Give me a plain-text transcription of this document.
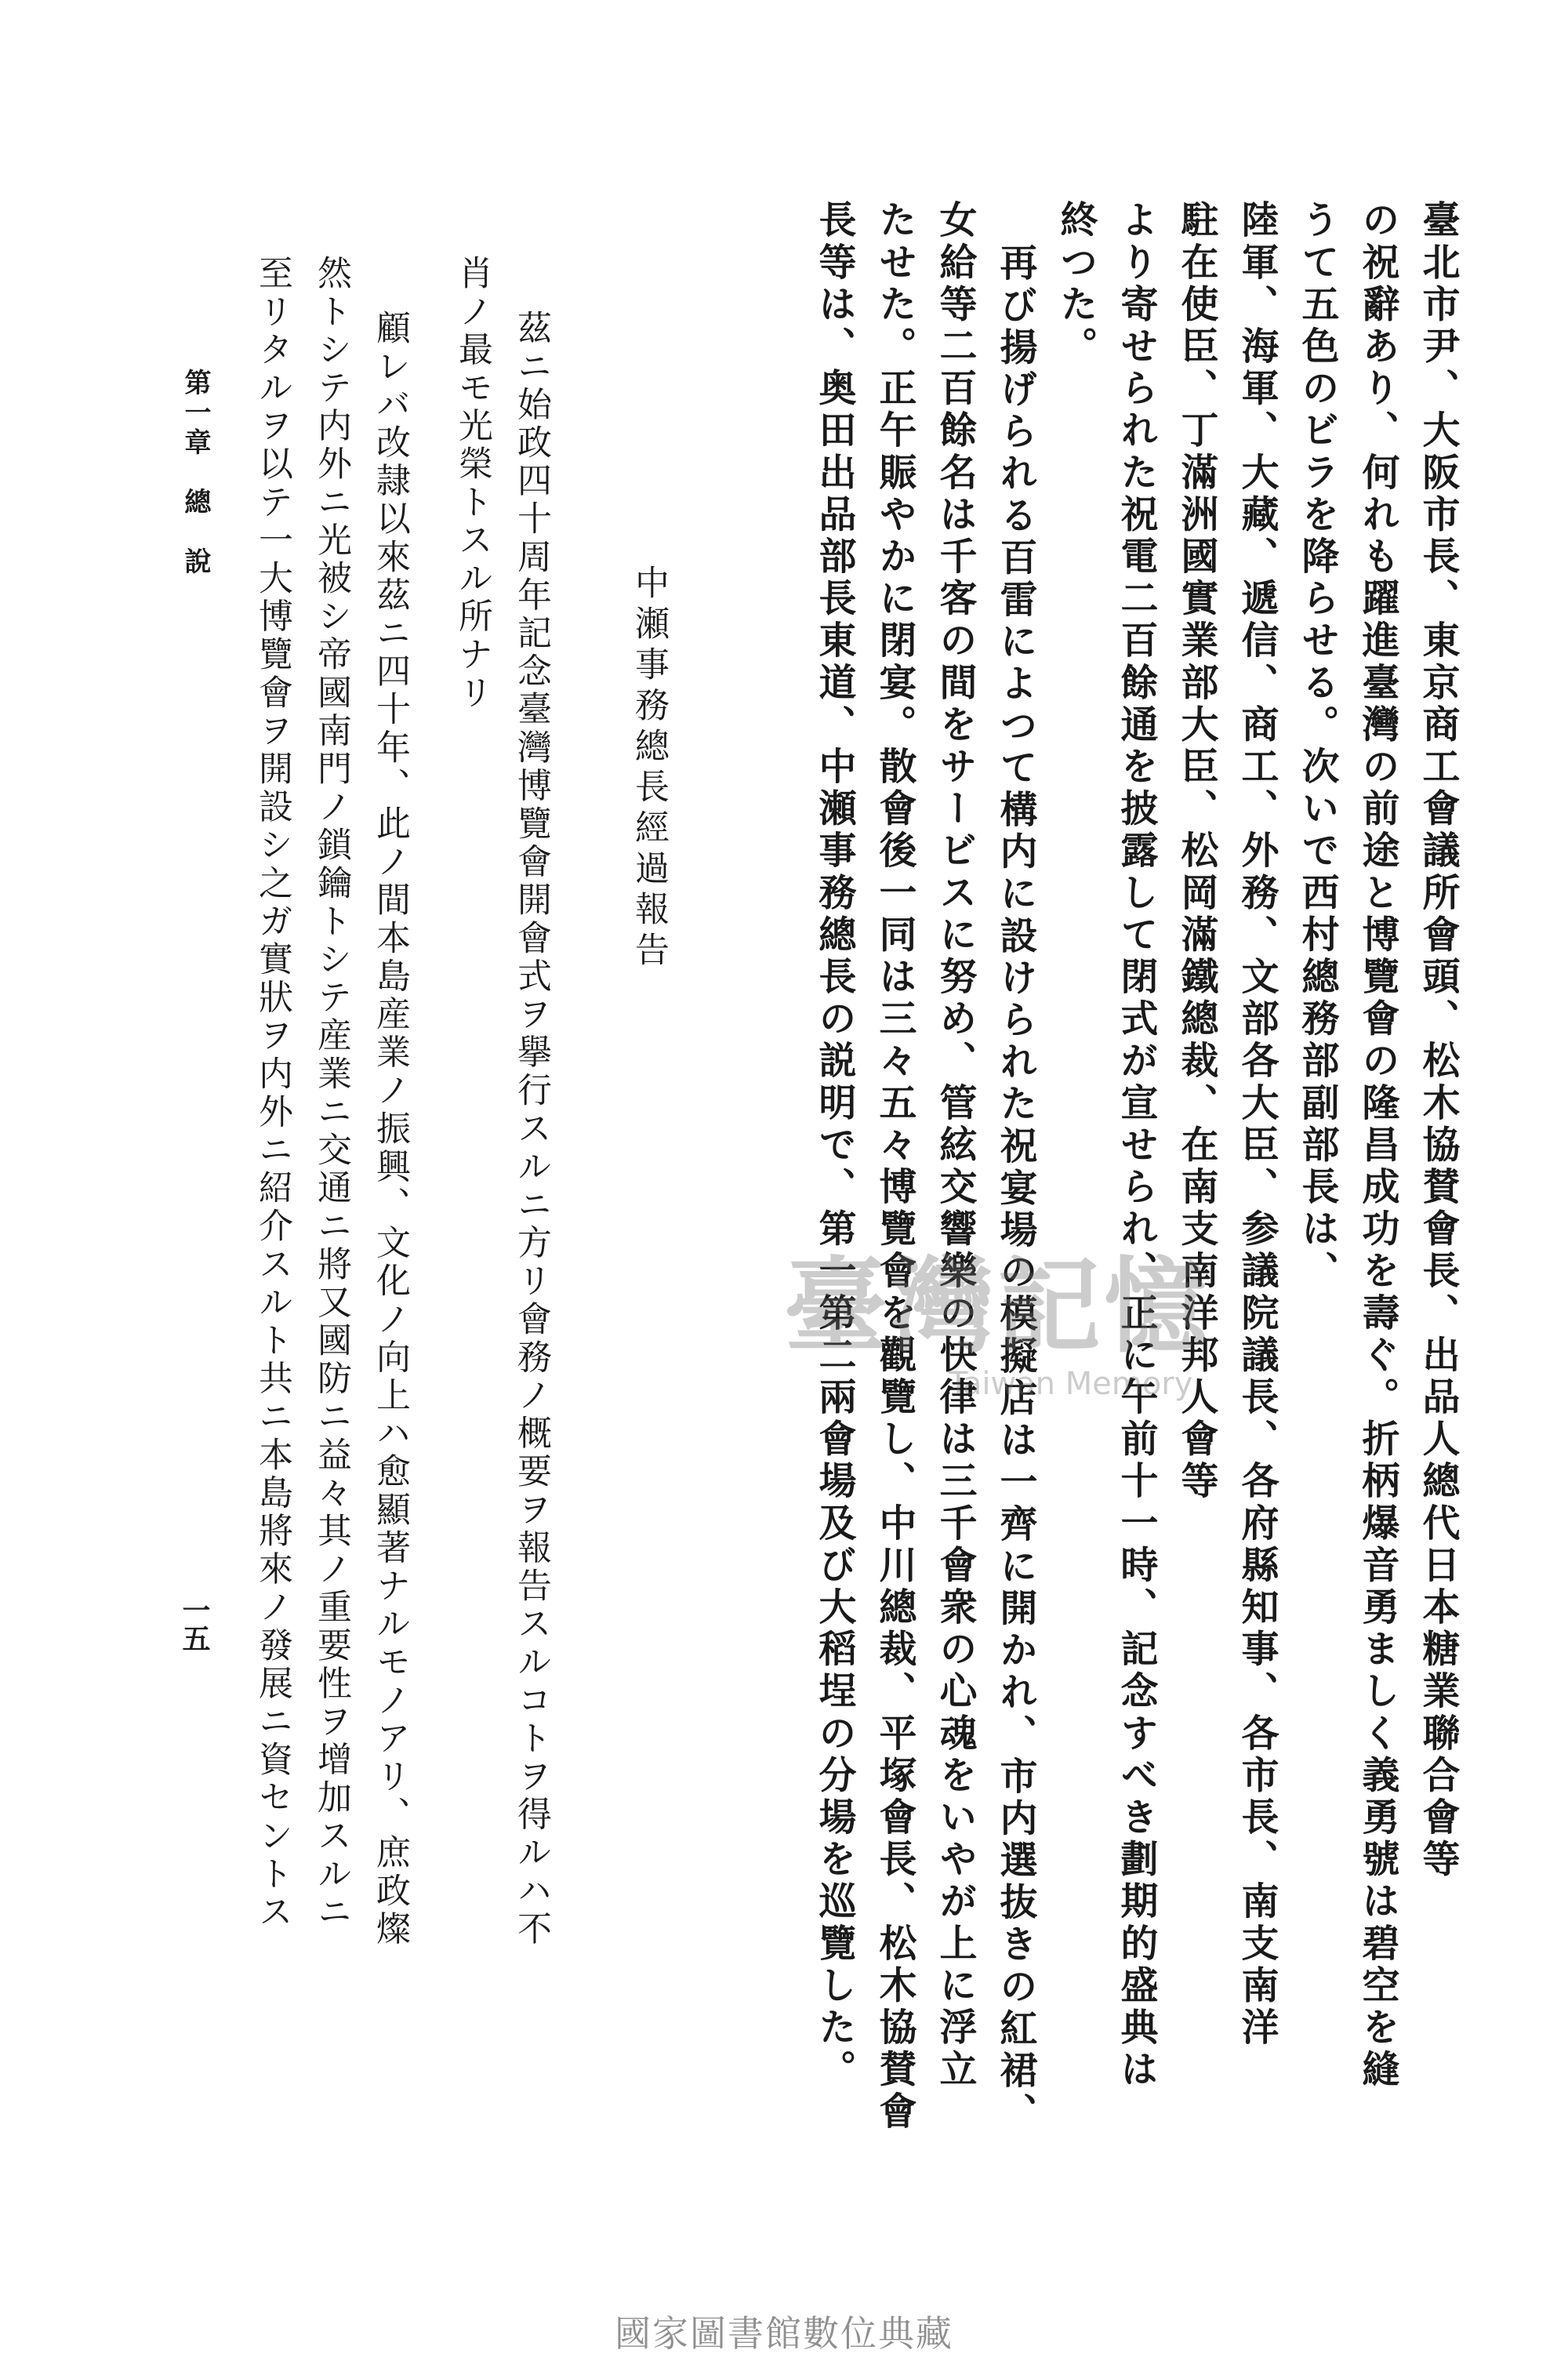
臺北市尹、大阪市長、東京商工會議所會頭、松木協賛會長、出品人總代日本糖業聯合會等
の祝辭あり、何れも躍進臺灣の前途と博覽會の隆昌成功を壽ぐ。折柄爆音勇ましく義勇號は碧空を縫
うて五色のビラを降らせる。次いで西村總務部副部長は、
陸軍、海軍、大藏、遞信、商工、外務、文部各大臣、参議院議長、各府縣知事、各市長、南支南洋
駐在使臣、丁滿洲國實業部大臣、松岡滿鐵總裁、在南支南洋邦人會等
より寄せられた祝電二百餘通を披露して閉式が宣せられ、正に午前十一時、記念すべき劃期的盛典は
終つた。
再び揚げられる百雷によつて構内に設けられた祝宴場の模擬店は一齊に開かれ、市内選抜きの紅裙、
女給等二百餘名は千客の間をサービスに努め、管絃交響樂の快律は三千會衆の心魂をいやが上に浮立
たせた。正午賑やかに閉宴。散會後一同は三々五々博覽會を觀覽し、中川總裁、平塚會長、松木協賛會
長等は、奥田出品部長東道、中瀬事務總長の説明で、第一第二兩會場及び大稻埕の分場を巡覽した。
中瀬事務總長經過報告
茲ニ始政四十周年記念臺灣博覽會開會式ヲ擧行スルニ方リ會務ノ概要ヲ報告スルコトヲ得ルハ不
肖ノ最モ光榮トスル所ナリ
顧レバ改隷以來茲ニ四十年、此ノ間本島産業ノ振興、文化ノ向上ハ愈顯著ナルモノアリ、庶政燦
然トシテ内外ニ光被シ帝國南門ノ鎖鑰トシテ産業ニ交通ニ將又國防ニ益々其ノ重要性ヲ增加スルニ
至リタルヲ以テ一大博覽會ヲ開設シ之ガ實狀ヲ内外ニ紹介スルト共ニ本島將來ノ發展ニ資セントス
第一章　總　說
一五
臺灣記憶
Taiwan Memory
國家圖書館數位典藏
